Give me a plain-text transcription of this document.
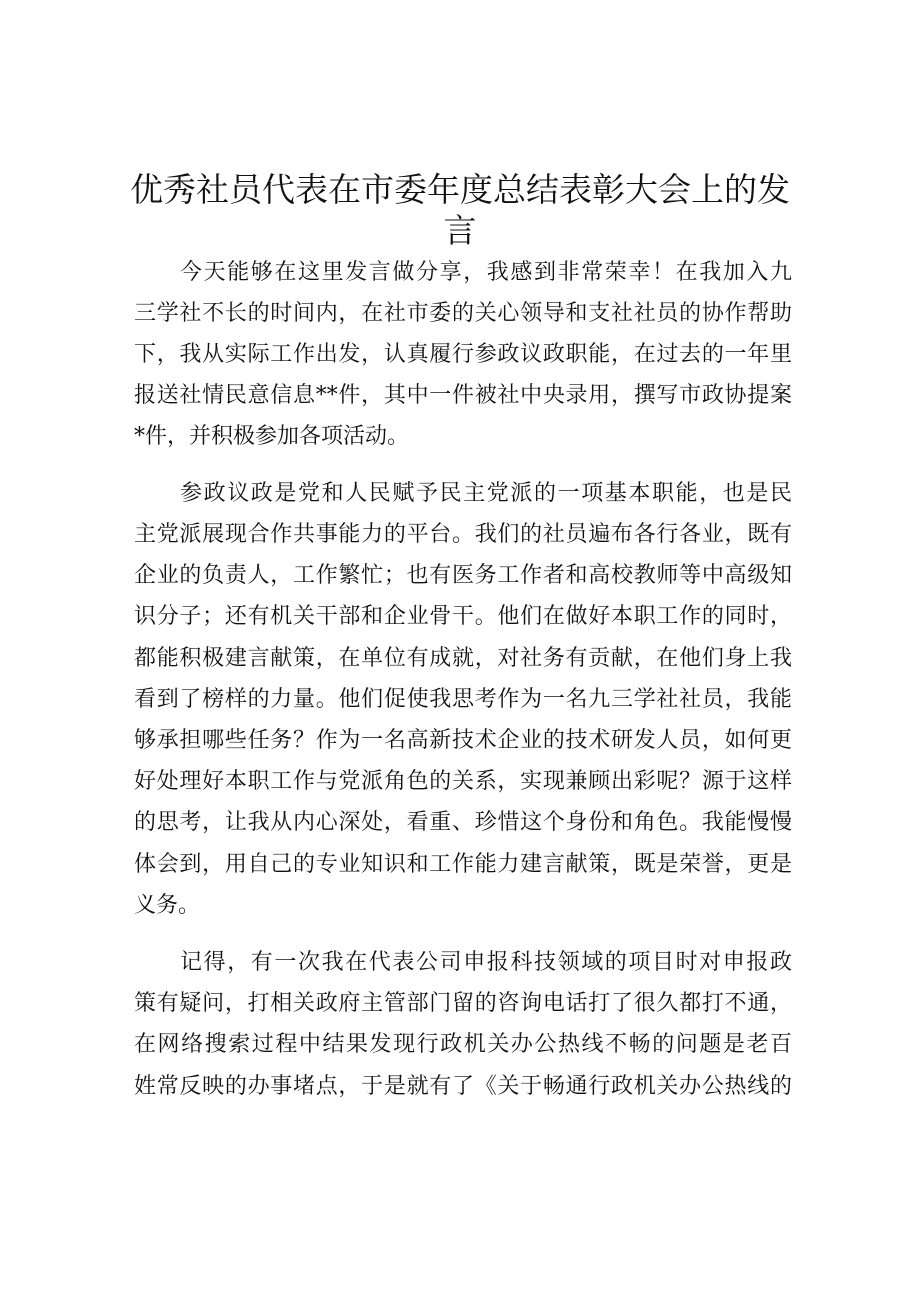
优秀社员代表在市委年度总结表彰大会上的发
言

今天能够在这里发言做分享，我感到非常荣幸！在我加入九

三学社不长的时间内，在社市委的关心领导和支社社员的协作帮助

下，我从实际工作出发，认真履行参政议政职能，在过去的一年里

报送社情民意信息**件，其中一件被社中央录用，撰写市政协提案

*件，并积极参加各项活动。

参政议政是党和人民赋予民主党派的一项基本职能，也是民

主党派展现合作共事能力的平台。我们的社员遍布各行各业，既有

企业的负责人，工作繁忙；也有医务工作者和高校教师等中高级知

识分子；还有机关干部和企业骨干。他们在做好本职工作的同时，

都能积极建言献策，在单位有成就，对社务有贡献，在他们身上我

看到了榜样的力量。他们促使我思考作为一名九三学社社员，我能

够承担哪些任务？作为一名高新技术企业的技术研发人员，如何更

好处理好本职工作与党派角色的关系，实现兼顾出彩呢？源于这样

的思考，让我从内心深处，看重、珍惜这个身份和角色。我能慢慢

体会到，用自己的专业知识和工作能力建言献策，既是荣誉，更是

义务。

记得，有一次我在代表公司申报科技领域的项目时对申报政

策有疑问，打相关政府主管部门留的咨询电话打了很久都打不通，

在网络搜索过程中结果发现行政机关办公热线不畅的问题是老百

姓常反映的办事堵点，于是就有了《关于畅通行政机关办公热线的
